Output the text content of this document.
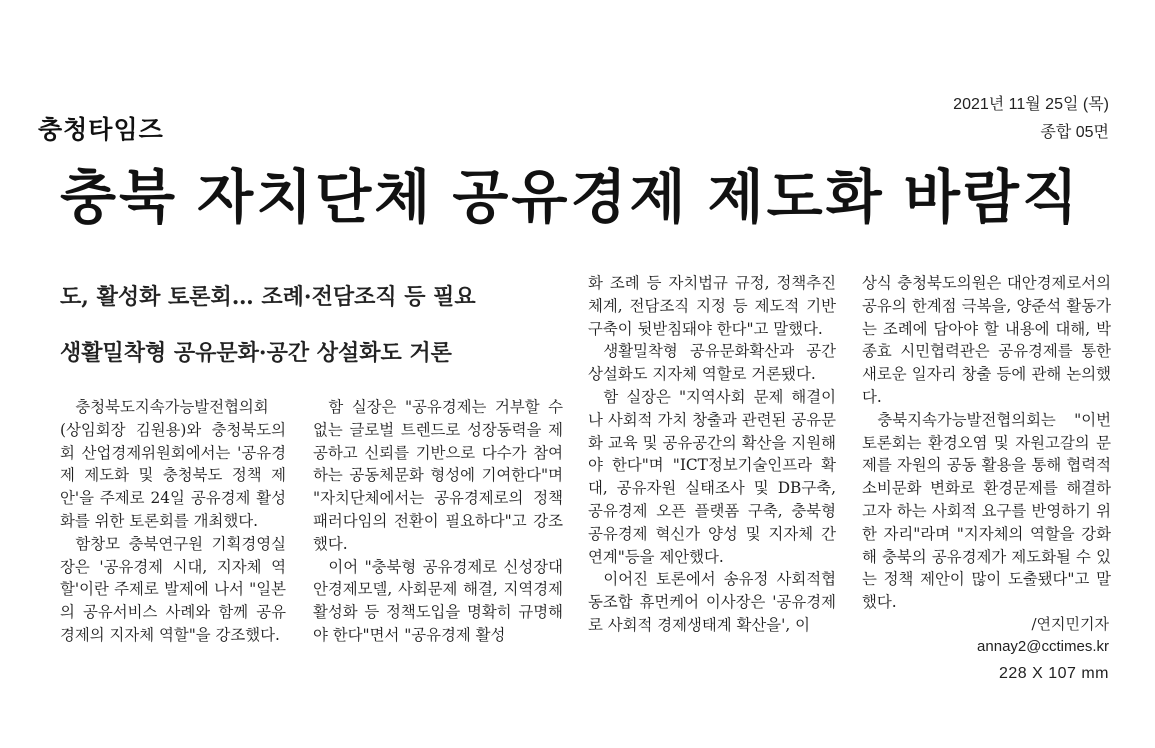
충청타임즈
2021년 11월 25일 (목)
종합 05면
충북 자치단체 공유경제 제도화 바람직
도, 활성화 토론회… 조례·전담조직 등 필요
생활밀착형 공유문화·공간 상설화도 거론

충청북도지속가능발전협의회(상임회장 김원용)와 충청북도의회 산업경제위원회에서는 '공유경제 제도화 및 충청북도 정책 제안'을 주제로 24일 공유경제 활성화를 위한 토론회를 개최했다.

함창모 충북연구원 기획경영실장은 '공유경제 시대, 지자체 역할'이란 주제로 발제에 나서 "일본의 공유서비스 사례와 함께 공유경제의 지자체 역할"을 강조했다.

함 실장은 "공유경제는 거부할 수 없는 글로벌 트렌드로 성장동력을 제공하고 신뢰를 기반으로 다수가 참여하는 공동체문화 형성에 기여한다"며 "자치단체에서는 공유경제로의 정책 패러다임의 전환이 필요하다"고 강조했다.

이어 "충북형 공유경제로 신성장대안경제모델, 사회문제 해결, 지역경제 활성화 등 정책도입을 명확히 규명해야 한다"면서 "공유경제 활성

화 조례 등 자치법규 규정, 정책추진체계, 전담조직 지정 등 제도적 기반 구축이 뒷받침돼야 한다"고 말했다.

생활밀착형 공유문화확산과 공간 상설화도 지자체 역할로 거론됐다.

함 실장은 "지역사회 문제 해결이나 사회적 가치 창출과 관련된 공유문화 교육 및 공유공간의 확산을 지원해야 한다"며 "ICT정보기술인프라 확대, 공유자원 실태조사 및 DB구축, 공유경제 오픈 플랫폼 구축, 충북형 공유경제 혁신가 양성 및 지자체 간 연계"등을 제안했다.

이어진 토론에서 송유정 사회적협동조합 휴먼케어 이사장은 '공유경제로 사회적 경제생태계 확산을', 이

상식 충청북도의원은 대안경제로서의 공유의 한계점 극복을, 양준석 활동가는 조례에 담아야 할 내용에 대해, 박종효 시민협력관은 공유경제를 통한 새로운 일자리 창출 등에 관해 논의했다.

충북지속가능발전협의회는 "이번 토론회는 환경오염 및 자원고갈의 문제를 자원의 공동 활용을 통해 협력적 소비문화 변화로 환경문제를 해결하고자 하는 사회적 요구를 반영하기 위한 자리"라며 "지자체의 역할을 강화해 충북의 공유경제가 제도화될 수 있는 정책 제안이 많이 도출됐다"고 말했다.

/연지민기자
annay2@cctimes.kr
228 X 107 mm
